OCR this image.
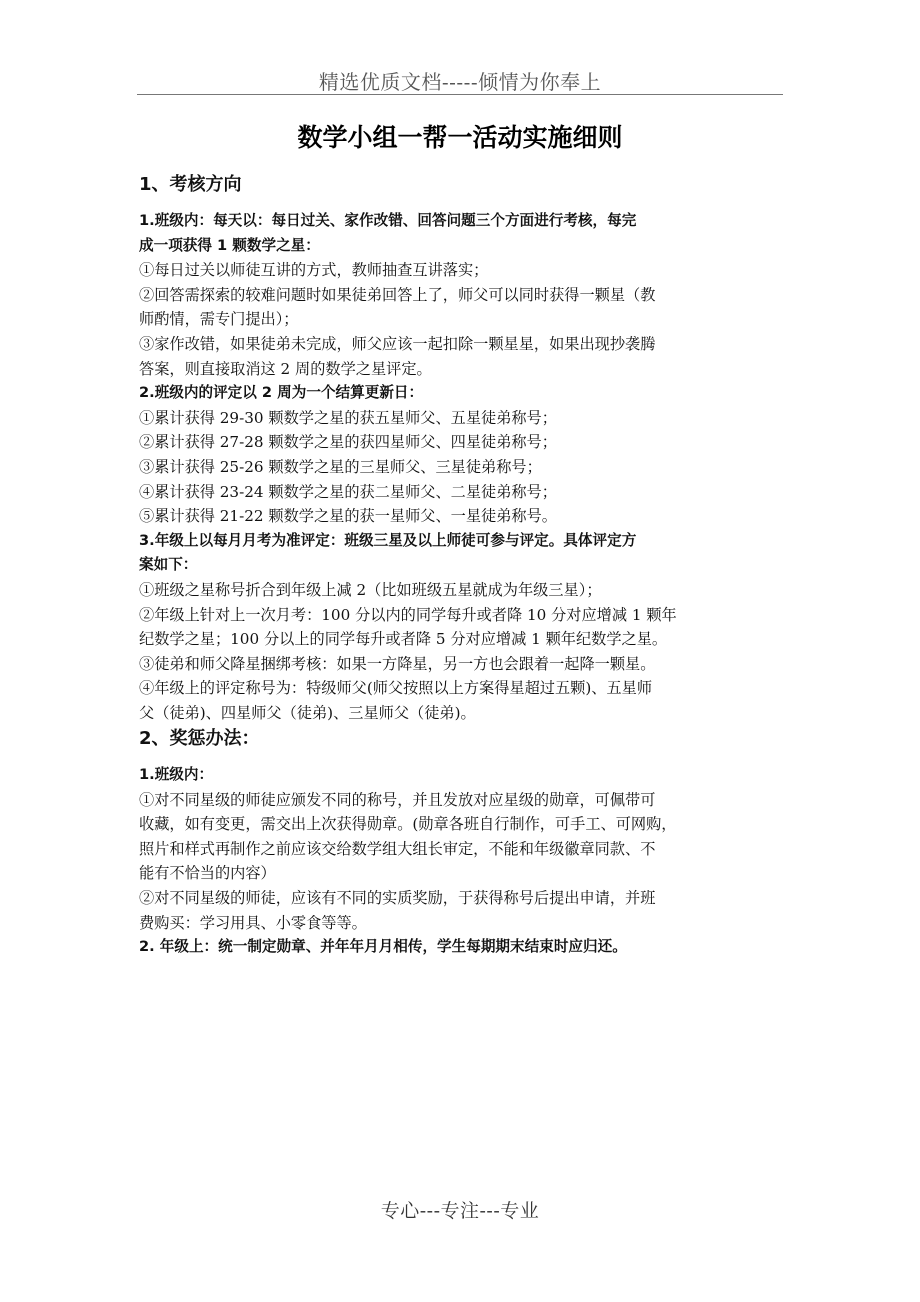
精选优质文档-----倾情为你奉上
数学小组一帮一活动实施细则

1、考核方向

1.班级内：每天以：每日过关、家作改错、回答问题三个方面进行考核，每完

成一项获得 1 颗数学之星：

①每日过关以师徒互讲的方式，教师抽查互讲落实；

②回答需探索的较难问题时如果徒弟回答上了，师父可以同时获得一颗星（教

师酌情，需专门提出）；

③家作改错，如果徒弟未完成，师父应该一起扣除一颗星星，如果出现抄袭腾

答案，则直接取消这 2 周的数学之星评定。

2.班级内的评定以 2 周为一个结算更新日：

①累计获得 29-30 颗数学之星的获五星师父、五星徒弟称号；

②累计获得 27-28 颗数学之星的获四星师父、四星徒弟称号；

③累计获得 25-26 颗数学之星的三星师父、三星徒弟称号；

④累计获得 23-24 颗数学之星的获二星师父、二星徒弟称号；

⑤累计获得 21-22 颗数学之星的获一星师父、一星徒弟称号。

3.年级上以每月月考为准评定：班级三星及以上师徒可参与评定。具体评定方

案如下：

①班级之星称号折合到年级上减 2（比如班级五星就成为年级三星）；

②年级上针对上一次月考：100 分以内的同学每升或者降 10 分对应增减 1 颗年

纪数学之星；100 分以上的同学每升或者降 5 分对应增减 1 颗年纪数学之星。

③徒弟和师父降星捆绑考核：如果一方降星，另一方也会跟着一起降一颗星。

④年级上的评定称号为：特级师父(师父按照以上方案得星超过五颗)、五星师

父（徒弟)、四星师父（徒弟)、三星师父（徒弟)。

2、奖惩办法：

1.班级内：

①对不同星级的师徒应颁发不同的称号，并且发放对应星级的勋章，可佩带可

收藏，如有变更，需交出上次获得勋章。(勋章各班自行制作，可手工、可网购，

照片和样式再制作之前应该交给数学组大组长审定，不能和年级徽章同款、不

能有不恰当的内容）

②对不同星级的师徒，应该有不同的实质奖励，于获得称号后提出申请，并班

费购买：学习用具、小零食等等。

2. 年级上：统一制定勋章、并年年月月相传，学生每期期末结束时应归还。

专心---专注---专业
